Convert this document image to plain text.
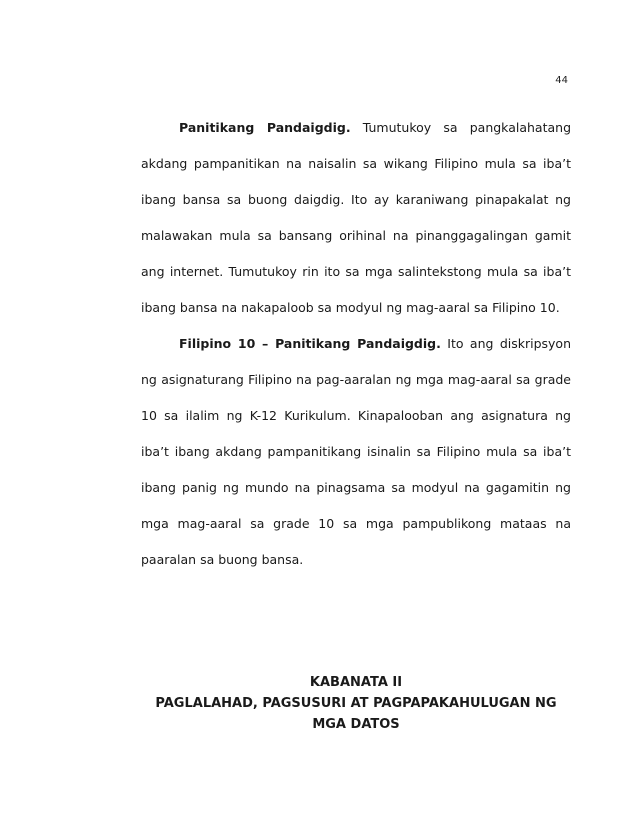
44

Panitikang Pandaigdig. Tumutukoy sa pangkalahatang akdang pampanitikan na naisalin sa wikang Filipino mula sa iba’t ibang bansa sa buong daigdig. Ito ay karaniwang pinapakalat ng malawakan mula sa bansang orihinal na pinanggagalingan gamit ang internet. Tumutukoy rin ito sa mga salintekstong mula sa iba’t ibang bansa na nakapaloob sa modyul ng mag-aaral sa Filipino 10.

Filipino 10 – Panitikang Pandaigdig. Ito ang diskripsyon ng asignaturang Filipino na pag-aaralan ng mga mag-aaral sa grade 10 sa ilalim ng K-12 Kurikulum. Kinapalooban ang asignatura ng iba’t ibang akdang pampanitikang isinalin sa Filipino mula sa iba’t ibang panig ng mundo na pinagsama sa modyul na gagamitin ng mga mag-aaral sa grade 10 sa mga pampublikong mataas na paaralan sa buong bansa.

KABANATA II
PAGLALAHAD, PAGSUSURI AT PAGPAPAKAHULUGAN NG
MGA DATOS
